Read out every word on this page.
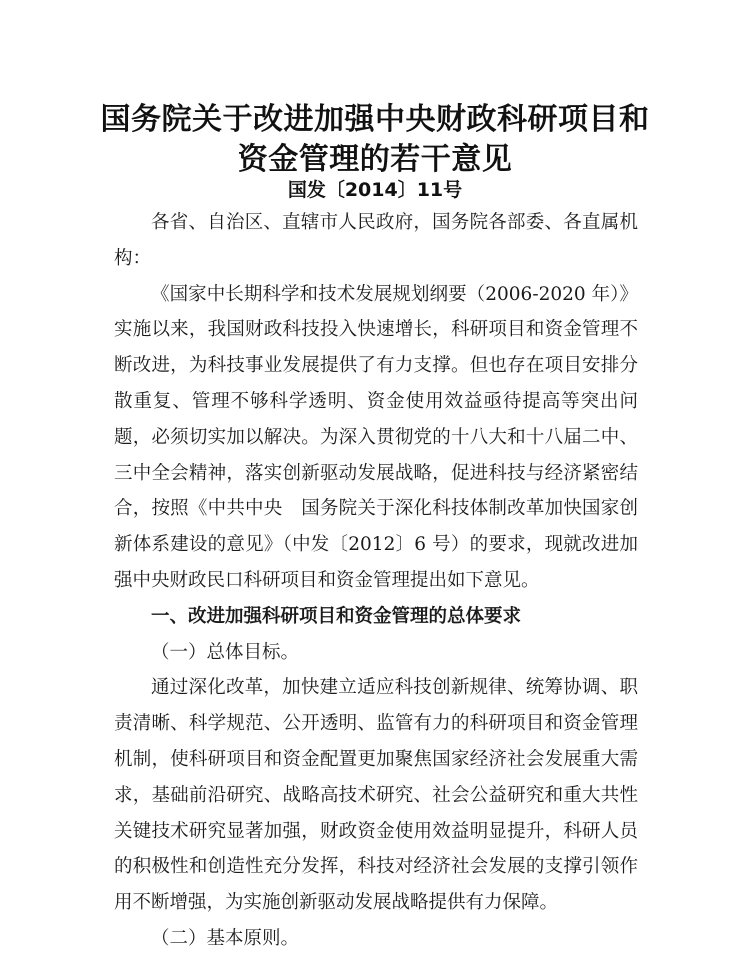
国务院关于改进加强中央财政科研项目和
资金管理的若干意见
国发〔2014〕11号

各省、自治区、直辖市人民政府，国务院各部委、各直属机构：

《国家中长期科学和技术发展规划纲要（2006-2020 年）》实施以来，我国财政科技投入快速增长，科研项目和资金管理不断改进，为科技事业发展提供了有力支撑。但也存在项目安排分散重复、管理不够科学透明、资金使用效益亟待提高等突出问题，必须切实加以解决。为深入贯彻党的十八大和十八届二中、三中全会精神，落实创新驱动发展战略，促进科技与经济紧密结合，按照《中共中央　国务院关于深化科技体制改革加快国家创新体系建设的意见》（中发〔2012〕6 号）的要求，现就改进加强中央财政民口科研项目和资金管理提出如下意见。

一、改进加强科研项目和资金管理的总体要求

（一）总体目标。

通过深化改革，加快建立适应科技创新规律、统筹协调、职责清晰、科学规范、公开透明、监管有力的科研项目和资金管理机制，使科研项目和资金配置更加聚焦国家经济社会发展重大需求，基础前沿研究、战略高技术研究、社会公益研究和重大共性关键技术研究显著加强，财政资金使用效益明显提升，科研人员的积极性和创造性充分发挥，科技对经济社会发展的支撑引领作用不断增强，为实施创新驱动发展战略提供有力保障。

（二）基本原则。
